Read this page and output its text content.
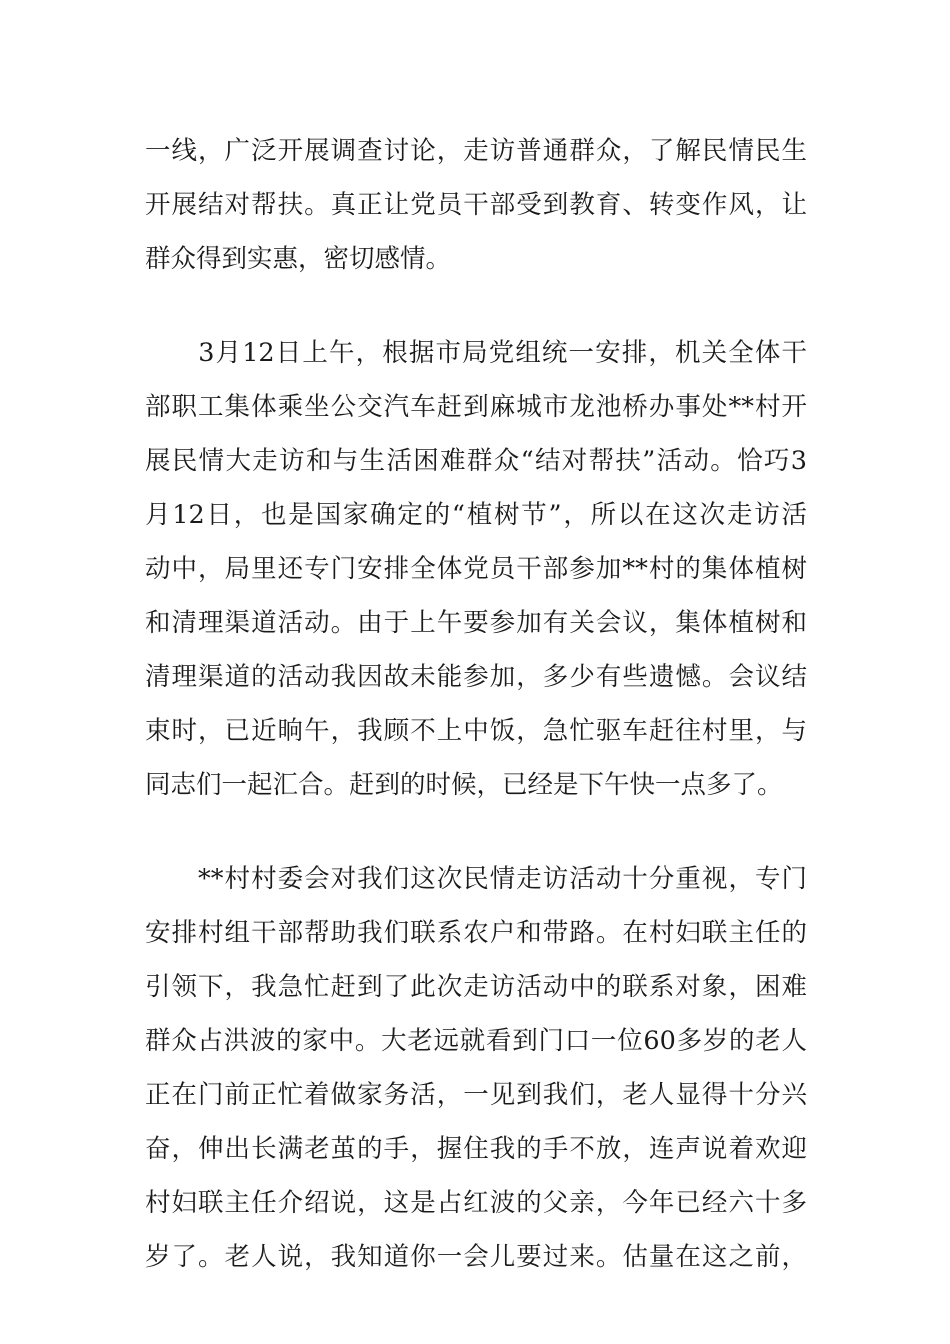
一线，广泛开展调查讨论，走访普通群众，了解民情民生
开展结对帮扶。真正让党员干部受到教育、转变作风，让
群众得到实惠，密切感情。
　　3月12日上午，根据市局党组统一安排，机关全体干
部职工集体乘坐公交汽车赶到麻城市龙池桥办事处**村开
展民情大走访和与生活困难群众“结对帮扶”活动。恰巧3
月12日，也是国家确定的“植树节”，所以在这次走访活
动中，局里还专门安排全体党员干部参加**村的集体植树
和清理渠道活动。由于上午要参加有关会议，集体植树和
清理渠道的活动我因故未能参加，多少有些遗憾。会议结
束时，已近晌午，我顾不上中饭，急忙驱车赶往村里，与
同志们一起汇合。赶到的时候，已经是下午快一点多了。
　　**村村委会对我们这次民情走访活动十分重视，专门
安排村组干部帮助我们联系农户和带路。在村妇联主任的
引领下，我急忙赶到了此次走访活动中的联系对象，困难
群众占洪波的家中。大老远就看到门口一位60多岁的老人
正在门前正忙着做家务活，一见到我们，老人显得十分兴
奋，伸出长满老茧的手，握住我的手不放，连声说着欢迎
村妇联主任介绍说，这是占红波的父亲，今年已经六十多
岁了。老人说，我知道你一会儿要过来。估量在这之前，
